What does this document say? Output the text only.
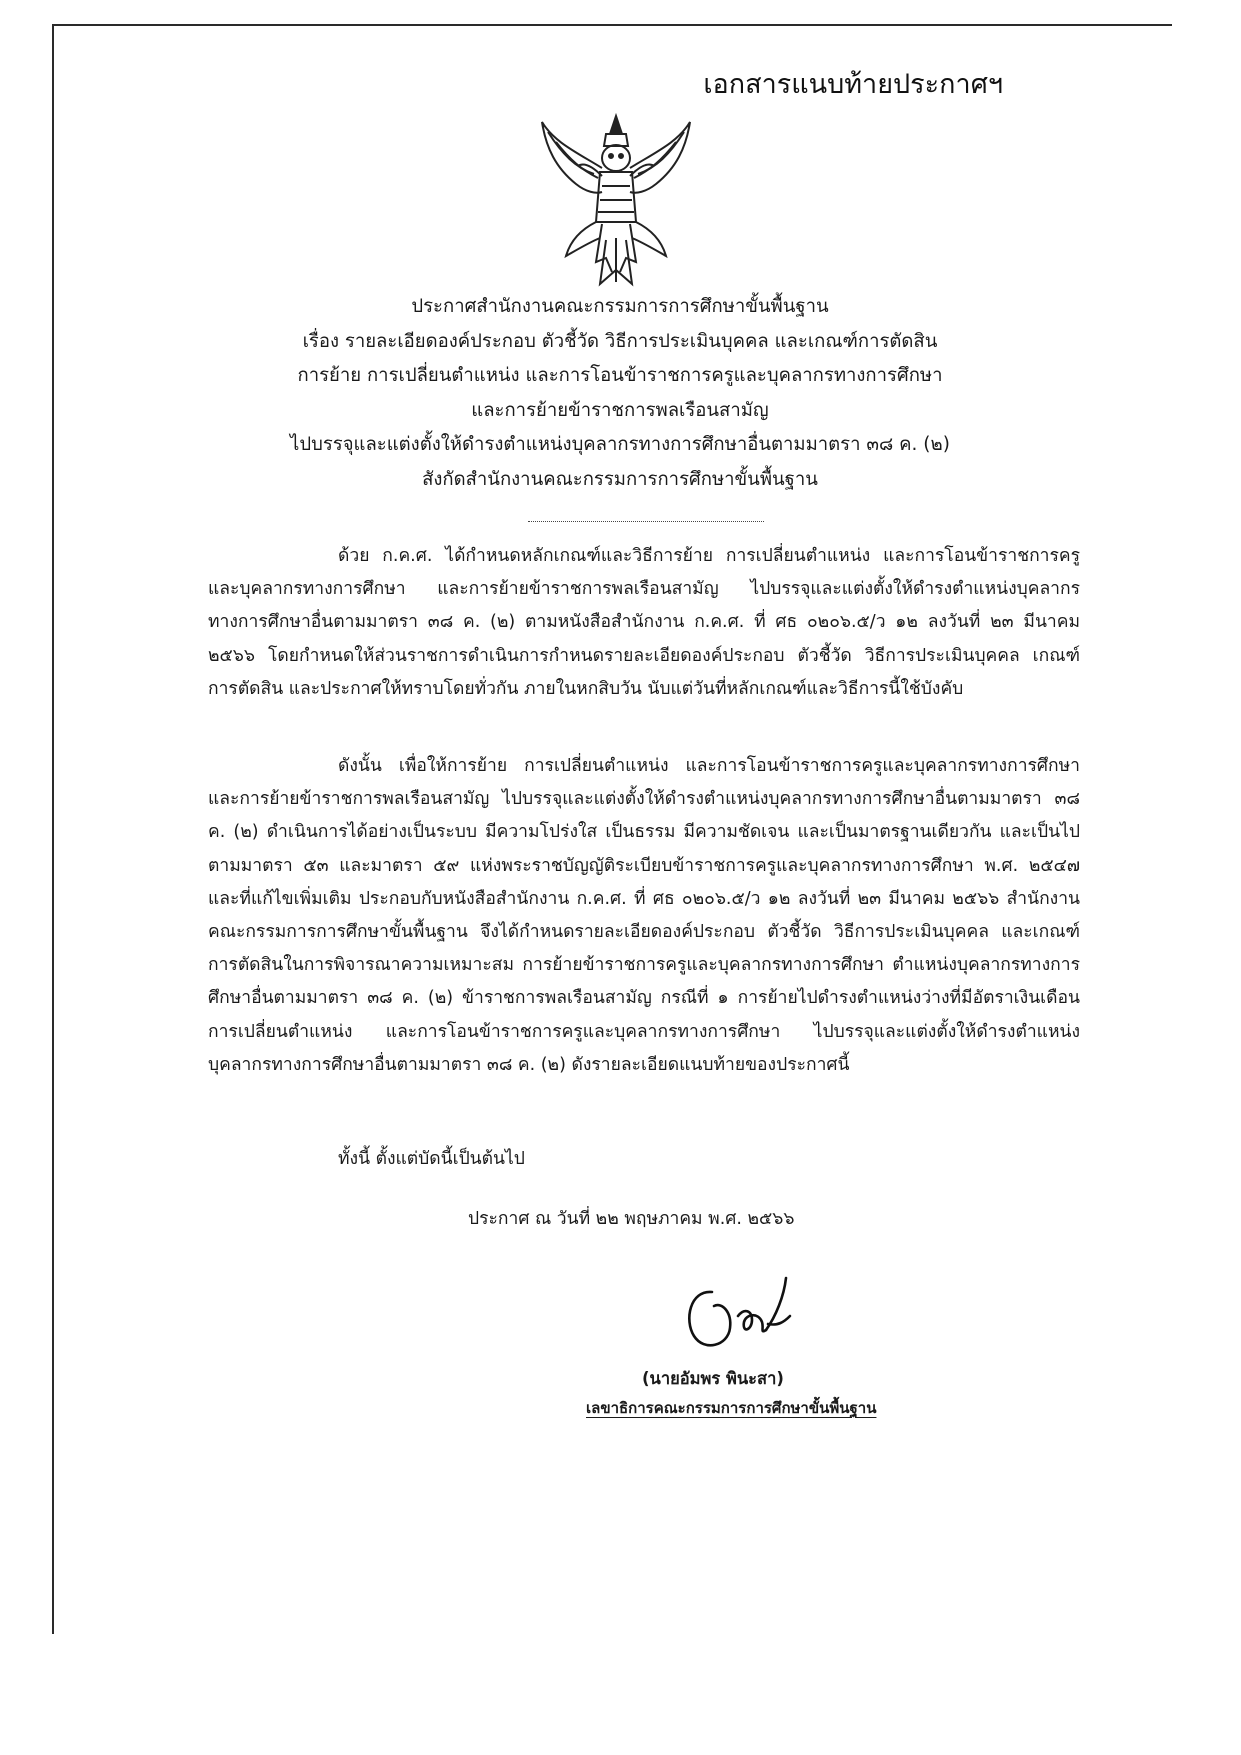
เอกสารแนบท้ายประกาศฯ
ประกาศสำนักงานคณะกรรมการการศึกษาขั้นพื้นฐาน
เรื่อง รายละเอียดองค์ประกอบ ตัวชี้วัด วิธีการประเมินบุคคล และเกณฑ์การตัดสิน
การย้าย การเปลี่ยนตำแหน่ง และการโอนข้าราชการครูและบุคลากรทางการศึกษา
และการย้ายข้าราชการพลเรือนสามัญ
ไปบรรจุและแต่งตั้งให้ดำรงตำแหน่งบุคลากรทางการศึกษาอื่นตามมาตรา ๓๘ ค. (๒)
สังกัดสำนักงานคณะกรรมการการศึกษาขั้นพื้นฐาน
ด้วย ก.ค.ศ. ได้กำหนดหลักเกณฑ์และวิธีการย้าย การเปลี่ยนตำแหน่ง และการโอนข้าราชการครูและบุคลากรทางการศึกษา และการย้ายข้าราชการพลเรือนสามัญ ไปบรรจุและแต่งตั้งให้ดำรงตำแหน่งบุคลากรทางการศึกษาอื่นตามมาตรา ๓๘ ค. (๒) ตามหนังสือสำนักงาน ก.ค.ศ. ที่ ศธ ๐๒๐๖.๕/ว ๑๒ ลงวันที่ ๒๓ มีนาคม ๒๕๖๖ โดยกำหนดให้ส่วนราชการดำเนินการกำหนดรายละเอียดองค์ประกอบ ตัวชี้วัด วิธีการประเมินบุคคล เกณฑ์การตัดสิน และประกาศให้ทราบโดยทั่วกัน ภายในหกสิบวัน นับแต่วันที่หลักเกณฑ์และวิธีการนี้ใช้บังคับ
ดังนั้น เพื่อให้การย้าย การเปลี่ยนตำแหน่ง และการโอนข้าราชการครูและบุคลากรทางการศึกษา และการย้ายข้าราชการพลเรือนสามัญ ไปบรรจุและแต่งตั้งให้ดำรงตำแหน่งบุคลากรทางการศึกษาอื่นตามมาตรา ๓๘ ค. (๒) ดำเนินการได้อย่างเป็นระบบ มีความโปร่งใส เป็นธรรม มีความชัดเจน และเป็นมาตรฐานเดียวกัน และเป็นไปตามมาตรา ๕๓ และมาตรา ๕๙ แห่งพระราชบัญญัติระเบียบข้าราชการครูและบุคลากรทางการศึกษา พ.ศ. ๒๕๔๗ และที่แก้ไขเพิ่มเติม ประกอบกับหนังสือสำนักงาน ก.ค.ศ. ที่ ศธ ๐๒๐๖.๕/ว ๑๒ ลงวันที่ ๒๓ มีนาคม ๒๕๖๖ สำนักงานคณะกรรมการการศึกษาขั้นพื้นฐาน จึงได้กำหนดรายละเอียดองค์ประกอบ ตัวชี้วัด วิธีการประเมินบุคคล และเกณฑ์การตัดสินในการพิจารณาความเหมาะสม การย้ายข้าราชการครูและบุคลากรทางการศึกษา ตำแหน่งบุคลากรทางการศึกษาอื่นตามมาตรา ๓๘ ค. (๒) ข้าราชการพลเรือนสามัญ กรณีที่ ๑ การย้ายไปดำรงตำแหน่งว่างที่มีอัตราเงินเดือน การเปลี่ยนตำแหน่ง และการโอนข้าราชการครูและบุคลากรทางการศึกษา ไปบรรจุและแต่งตั้งให้ดำรงตำแหน่งบุคลากรทางการศึกษาอื่นตามมาตรา ๓๘ ค. (๒) ดังรายละเอียดแนบท้ายของประกาศนี้
ทั้งนี้ ตั้งแต่บัดนี้เป็นต้นไป
ประกาศ ณ วันที่ ๒๒ พฤษภาคม พ.ศ. ๒๕๖๖
(นายอัมพร พินะสา)
เลขาธิการคณะกรรมการการศึกษาขั้นพื้นฐาน
